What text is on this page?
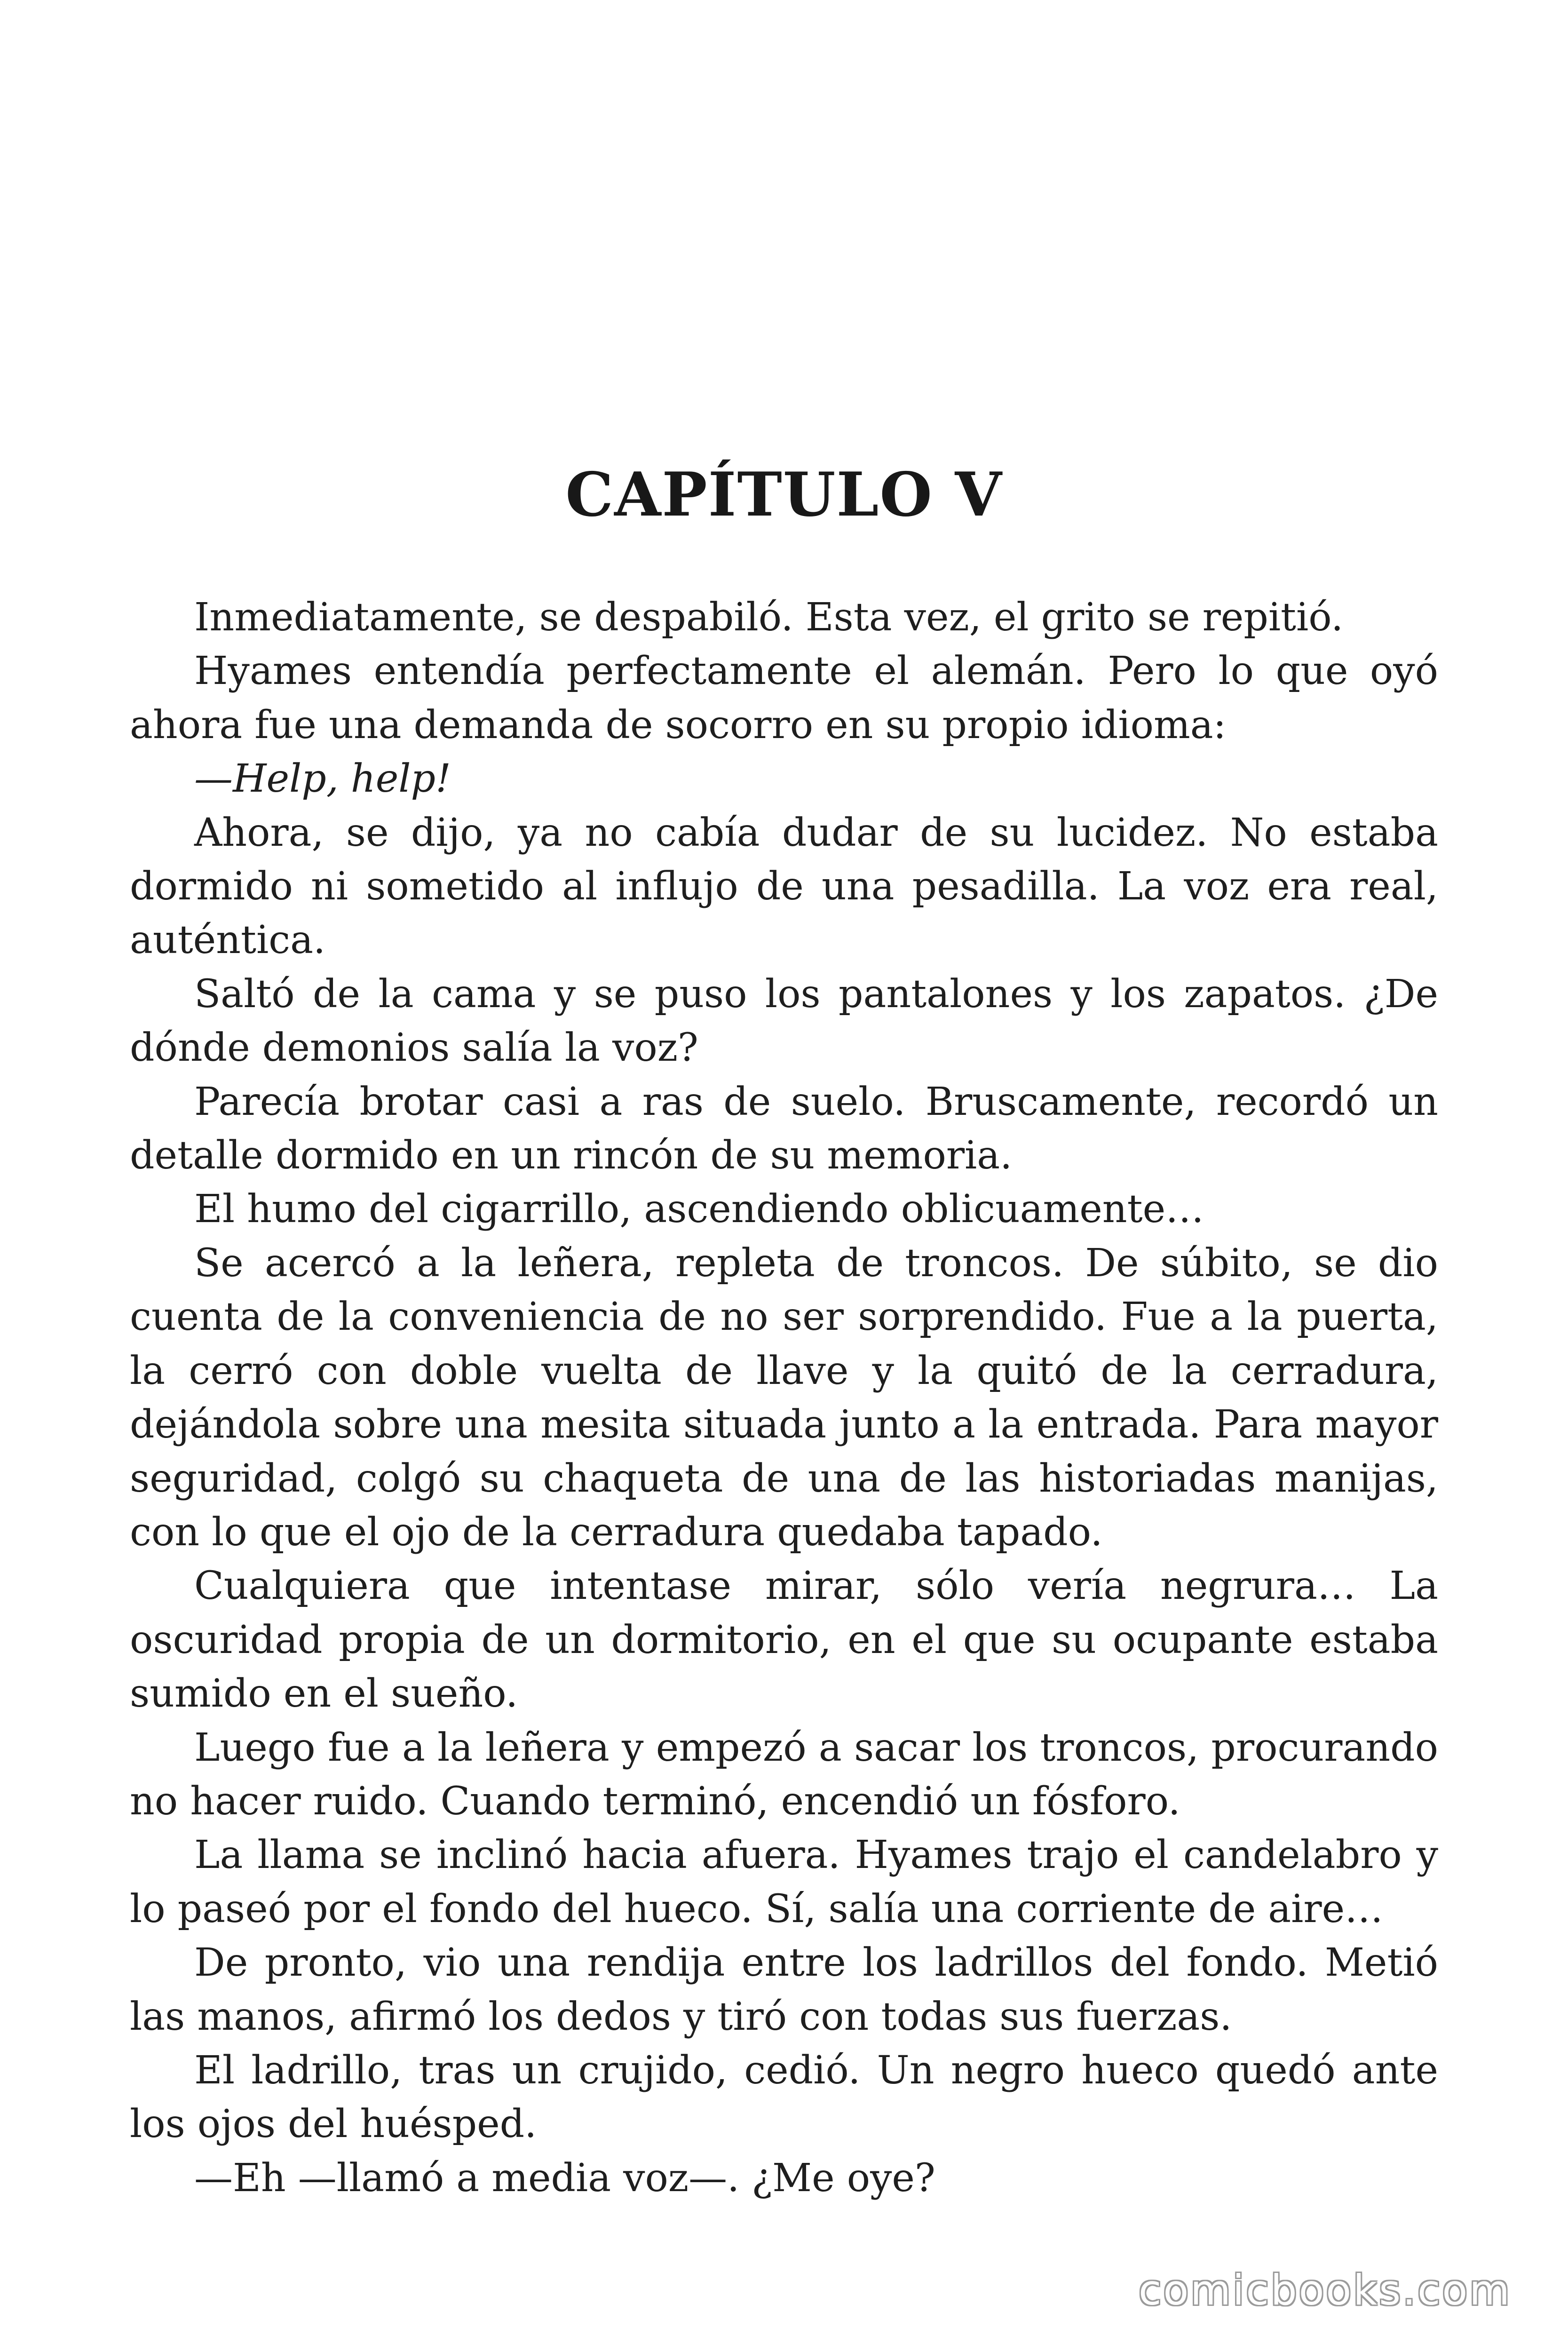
CAPÍTULO V

Inmediatamente, se despabiló. Esta vez, el grito se repitió.

Hyames entendía perfectamente el alemán. Pero lo que oyó ahora fue una demanda de socorro en su propio idioma:

—Help, help!

Ahora, se dijo, ya no cabía dudar de su lucidez. No estaba dormido ni sometido al influjo de una pesadilla. La voz era real, auténtica.

Saltó de la cama y se puso los pantalones y los zapatos. ¿De dónde demonios salía la voz?

Parecía brotar casi a ras de suelo. Bruscamente, recordó un detalle dormido en un rincón de su memoria.

El humo del cigarrillo, ascendiendo oblicuamente…

Se acercó a la leñera, repleta de troncos. De súbito, se dio cuenta de la conveniencia de no ser sorprendido. Fue a la puerta, la cerró con doble vuelta de llave y la quitó de la cerradura, dejándola sobre una mesita situada junto a la entrada. Para mayor seguridad, colgó su chaqueta de una de las historiadas manijas, con lo que el ojo de la cerradura quedaba tapado.

Cualquiera que intentase mirar, sólo vería negrura… La oscuridad propia de un dormitorio, en el que su ocupante estaba sumido en el sueño.

Luego fue a la leñera y empezó a sacar los troncos, procurando no hacer ruido. Cuando terminó, encendió un fósforo.

La llama se inclinó hacia afuera. Hyames trajo el candelabro y lo paseó por el fondo del hueco. Sí, salía una corriente de aire…

De pronto, vio una rendija entre los ladrillos del fondo. Metió las manos, afirmó los dedos y tiró con todas sus fuerzas.

El ladrillo, tras un crujido, cedió. Un negro hueco quedó ante los ojos del huésped.

—Eh —llamó a media voz—. ¿Me oye?

comicbooks.com
